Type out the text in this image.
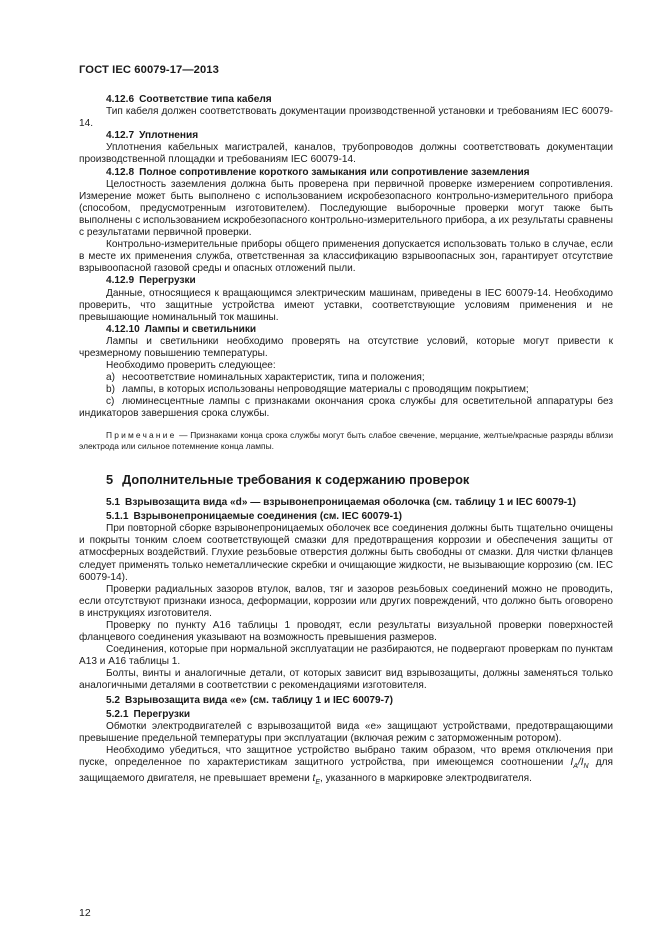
ГОСТ IEC 60079-17—2013

4.12.6 Соответствие типа кабеля

Тип кабеля должен соответствовать документации производственной установки и требованиям IEC 60079-14.

4.12.7 Уплотнения

Уплотнения кабельных магистралей, каналов, трубопроводов должны соответствовать документации производственной площадки и требованиям IEC 60079-14.

4.12.8 Полное сопротивление короткого замыкания или сопротивление заземления

Целостность заземления должна быть проверена при первичной проверке измерением сопротивления. Измерение может быть выполнено с использованием искробезопасного контрольно-измерительного прибора (способом, предусмотренным изготовителем). Последующие выборочные проверки могут также быть выполнены с использованием искробезопасного контрольно-измерительного прибора, а их результаты сравнены с результатами первичной проверки.

Контрольно-измерительные приборы общего применения допускается использовать только в случае, если в месте их применения служба, ответственная за классификацию взрывоопасных зон, гарантирует отсутствие взрывоопасной газовой среды и опасных отложений пыли.

4.12.9 Перегрузки

Данные, относящиеся к вращающимся электрическим машинам, приведены в IEC 60079-14. Необходимо проверить, что защитные устройства имеют уставки, соответствующие условиям применения и не превышающие номинальный ток машины.

4.12.10 Лампы и светильники

Лампы и светильники необходимо проверять на отсутствие условий, которые могут привести к чрезмерному повышению температуры.

Необходимо проверить следующее:

а) несоответствие номинальных характеристик, типа и положения;

b) лампы, в которых использованы непроводящие материалы с проводящим покрытием;

c) люминесцентные лампы с признаками окончания срока службы для осветительной аппаратуры без индикаторов завершения срока службы.

Примечание — Признаками конца срока службы могут быть слабое свечение, мерцание, желтые/красные разряды вблизи электрода или сильное потемнение конца лампы.

5 Дополнительные требования к содержанию проверок

5.1 Взрывозащита вида «d» — взрывонепроницаемая оболочка (см. таблицу 1 и IEC 60079-1)

5.1.1 Взрывонепроницаемые соединения (см. IEC 60079-1)

При повторной сборке взрывонепроницаемых оболочек все соединения должны быть тщательно очищены и покрыты тонким слоем соответствующей смазки для предотвращения коррозии и обеспечения защиты от атмосферных воздействий. Глухие резьбовые отверстия должны быть свободны от смазки. Для чистки фланцев следует применять только неметаллические скребки и очищающие жидкости, не вызывающие коррозию (см. IEC 60079-14).

Проверки радиальных зазоров втулок, валов, тяг и зазоров резьбовых соединений можно не проводить, если отсутствуют признаки износа, деформации, коррозии или других повреждений, что должно быть оговорено в инструкциях изготовителя.

Проверку по пункту А16 таблицы 1 проводят, если результаты визуальной проверки поверхностей фланцевого соединения указывают на возможность превышения размеров.

Соединения, которые при нормальной эксплуатации не разбираются, не подвергают проверкам по пунктам А13 и А16 таблицы 1.

Болты, винты и аналогичные детали, от которых зависит вид взрывозащиты, должны заменяться только аналогичными деталями в соответствии с рекомендациями изготовителя.

5.2 Взрывозащита вида «е» (см. таблицу 1 и IEC 60079-7)

5.2.1 Перегрузки

Обмотки электродвигателей с взрывозащитой вида «е» защищают устройствами, предотвращающими превышение предельной температуры при эксплуатации (включая режим с заторможенным ротором).

Необходимо убедиться, что защитное устройство выбрано таким образом, что время отключения при пуске, определенное по характеристикам защитного устройства, при имеющемся соотношении $I_A/I_N$ для защищаемого двигателя, не превышает времени $t_E$, указанного в маркировке электродвигателя.

12
